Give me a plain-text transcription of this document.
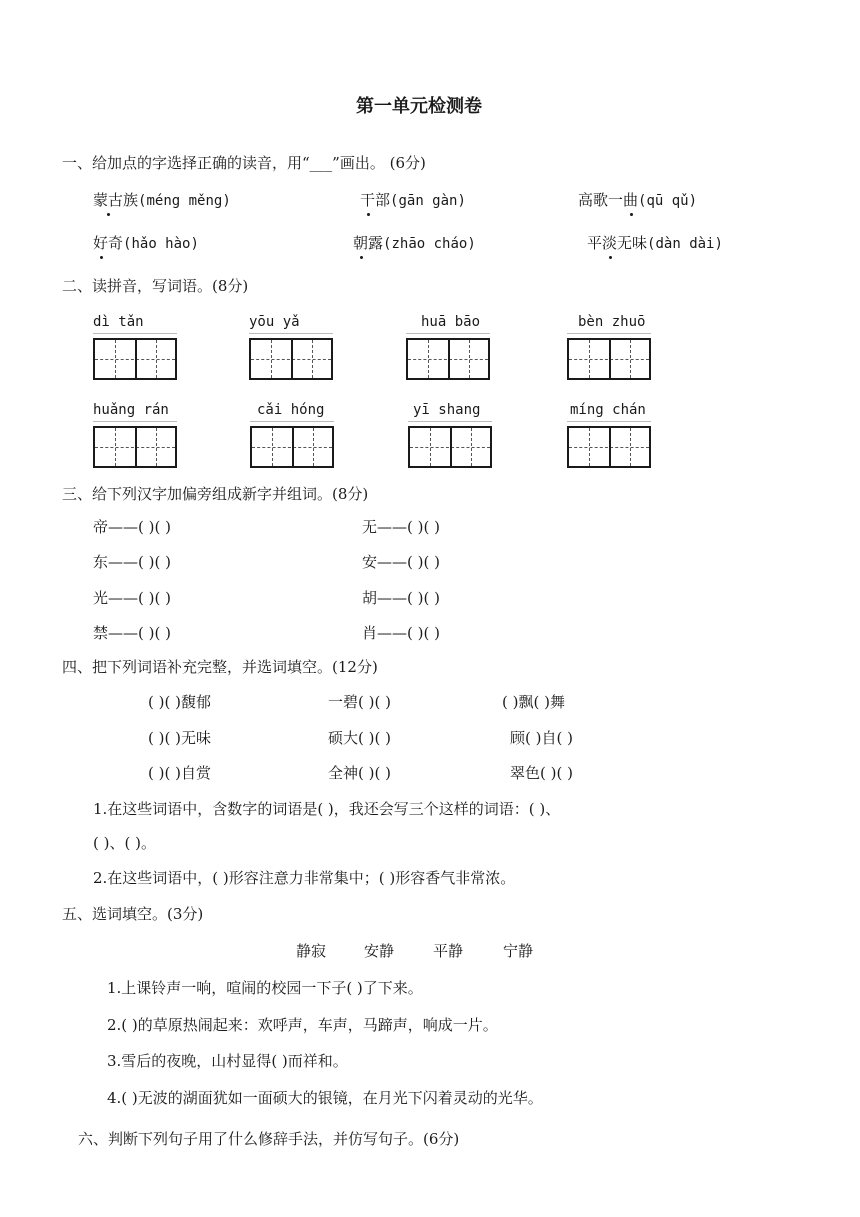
第一单元检测卷
一、给加点的字选择正确的读音，用“___”画出。 (6分)
蒙古族(méng měng)	干部(gān gàn)	高歌一曲(qū qǔ)
好奇(hǎo hào)	朝露(zhāo cháo)	平淡无味(dàn dài)
二、读拼音，写词语。(8分)
dì tǎn	yōu yǎ	huā bāo	bèn zhuō
huǎng rán	cǎi hóng	yī shang	míng chán
三、给下列汉字加偏旁组成新字并组词。(8分)
帝——( )( )	无——( )( )
东——( )( )	安——( )( )
光——( )( )	胡——( )( )
禁——( )( )	肖——( )( )
四、把下列词语补充完整，并选词填空。(12分)
( )( )馥郁	一碧( )( )	( )飘( )舞
( )( )无味	硕大( )( )	顾( )自( )
( )( )自赏	全神( )( )	翠色( )( )
1.在这些词语中，含数字的词语是( )，我还会写三个这样的词语：( )、
( )、( )。
2.在这些词语中，( )形容注意力非常集中；( )形容香气非常浓。
五、选词填空。(3分)
静寂	安静	平静	宁静
1.上课铃声一响，喧闹的校园一下子( )了下来。
2.( )的草原热闹起来：欢呼声，车声，马蹄声，响成一片。
3.雪后的夜晚，山村显得( )而祥和。
4.( )无波的湖面犹如一面硕大的银镜，在月光下闪着灵动的光华。
六、判断下列句子用了什么修辞手法，并仿写句子。(6分)
